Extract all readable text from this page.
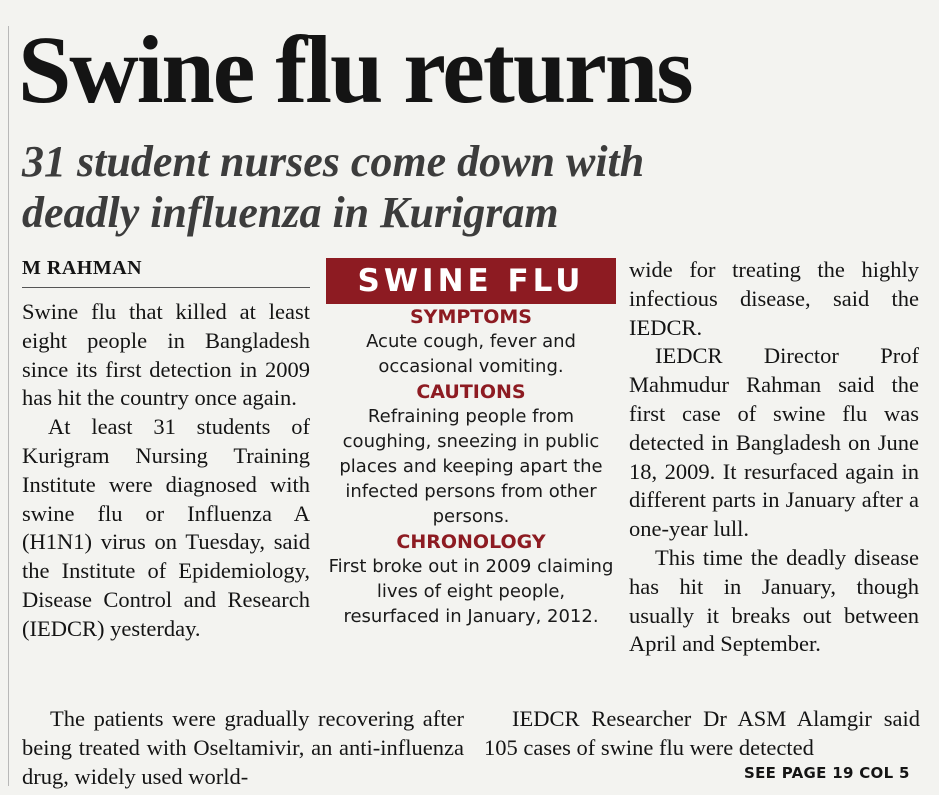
Swine flu returns
31 student nurses come down with
deadly influenza in Kurigram
M RAHMAN

Swine flu that killed at least eight people in Bangladesh since its first detection in 2009 has hit the country once again.

At least 31 students of Kurigram Nursing Training Institute were diagnosed with swine flu or Influenza A (H1N1) virus on Tuesday, said the Institute of Epidemiology, Disease Control and Research (IEDCR) yesterday.

SWINE FLU
SYMPTOMS
Acute cough, fever and occasional vomiting.
CAUTIONS
Refraining people from coughing, sneezing in public places and keeping apart the infected persons from other persons.
CHRONOLOGY
First broke out in 2009 claiming lives of eight people, resurfaced in January, 2012.

wide for treating the highly infectious disease, said the IEDCR.

IEDCR Director Prof Mahmudur Rahman said the first case of swine flu was detected in Bangladesh on June 18, 2009. It resurfaced again in different parts in January after a one-year lull.

This time the deadly disease has hit in January, though usually it breaks out between April and September.

The patients were gradually recovering after being treated with Oseltamivir, an anti-influenza drug, widely used world-
IEDCR Researcher Dr ASM Alamgir said 105 cases of swine flu were detected
SEE PAGE 19 COL 5
